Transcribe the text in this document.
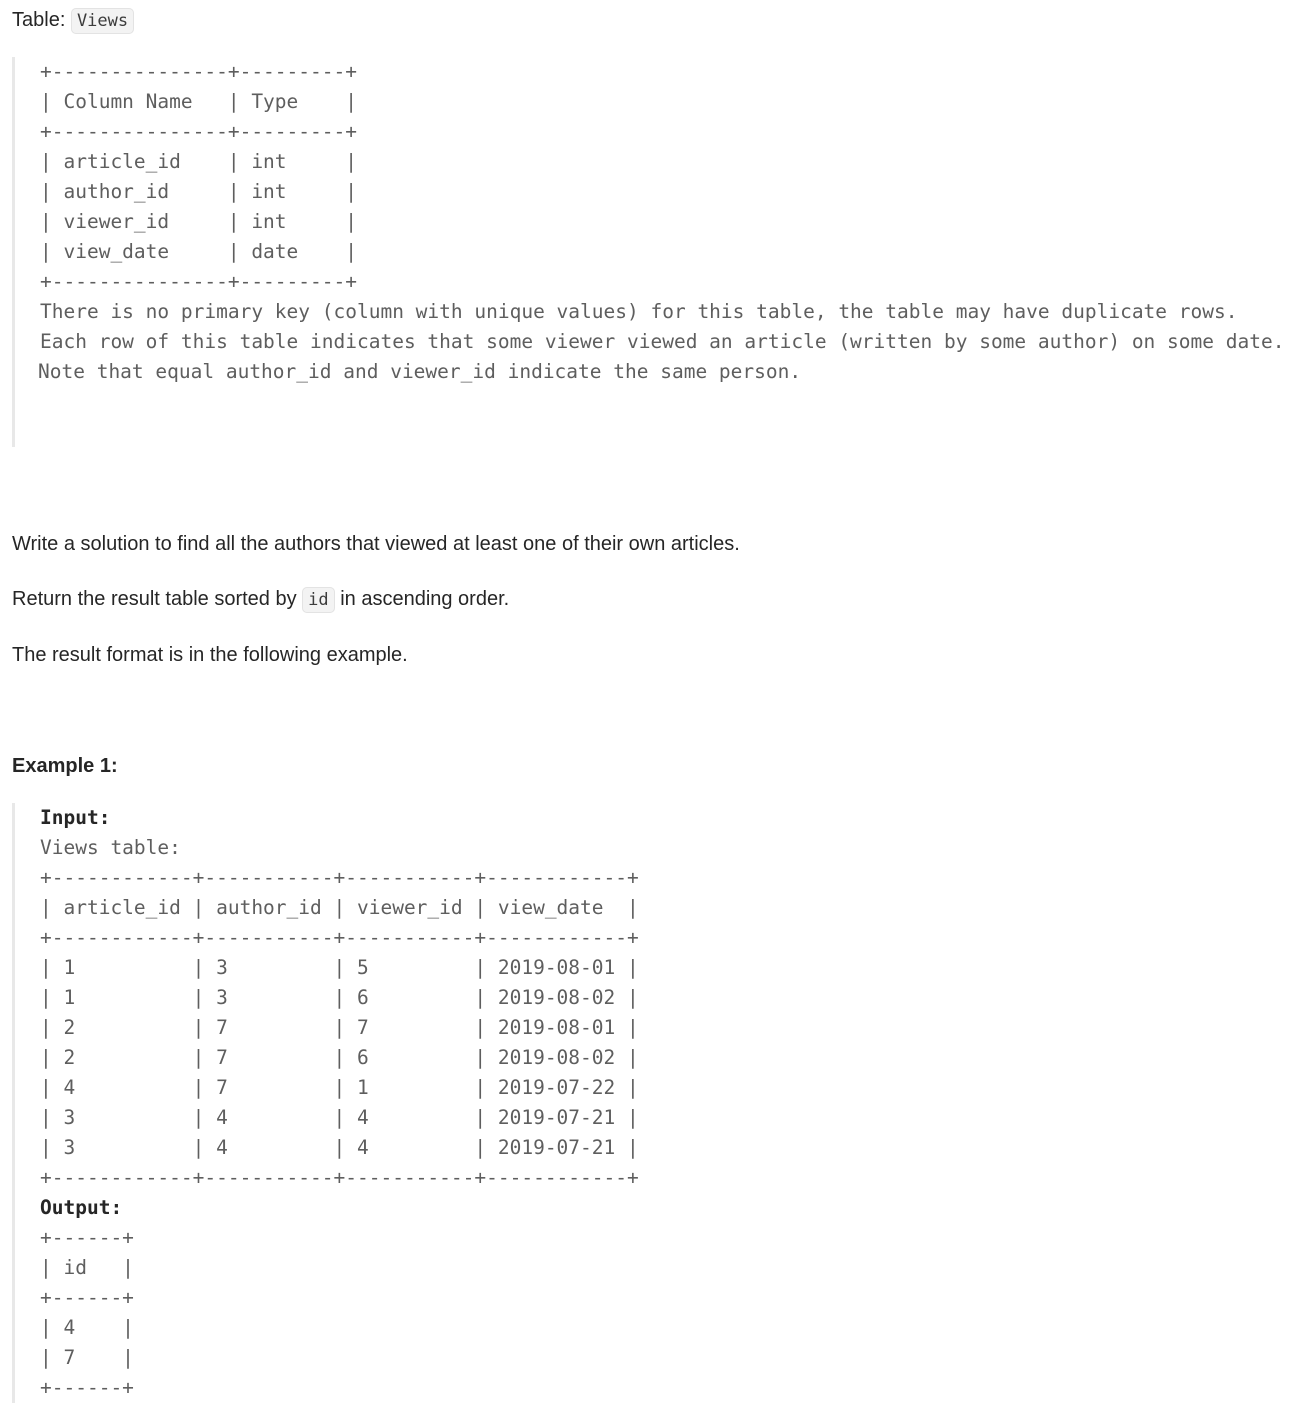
Table: Views

+---------------+---------+
| Column Name   | Type    |
+---------------+---------+
| article_id    | int     |
| author_id     | int     |
| viewer_id     | int     |
| view_date     | date    |
+---------------+---------+
There is no primary key (column with unique values) for this table, the table may have duplicate rows.
Each row of this table indicates that some viewer viewed an article (written by some author) on some date.
Note that equal author_id and viewer_id indicate the same person.

Write a solution to find all the authors that viewed at least one of their own articles.

Return the result table sorted by id in ascending order.

The result format is in the following example.

Example 1:
Input:
Views table:
+------------+-----------+-----------+------------+
| article_id | author_id | viewer_id | view_date  |
+------------+-----------+-----------+------------+
| 1          | 3         | 5         | 2019-08-01 |
| 1          | 3         | 6         | 2019-08-02 |
| 2          | 7         | 7         | 2019-08-01 |
| 2          | 7         | 6         | 2019-08-02 |
| 4          | 7         | 1         | 2019-07-22 |
| 3          | 4         | 4         | 2019-07-21 |
| 3          | 4         | 4         | 2019-07-21 |
+------------+-----------+-----------+------------+
Output:
+------+
| id   |
+------+
| 4    |
| 7    |
+------+
